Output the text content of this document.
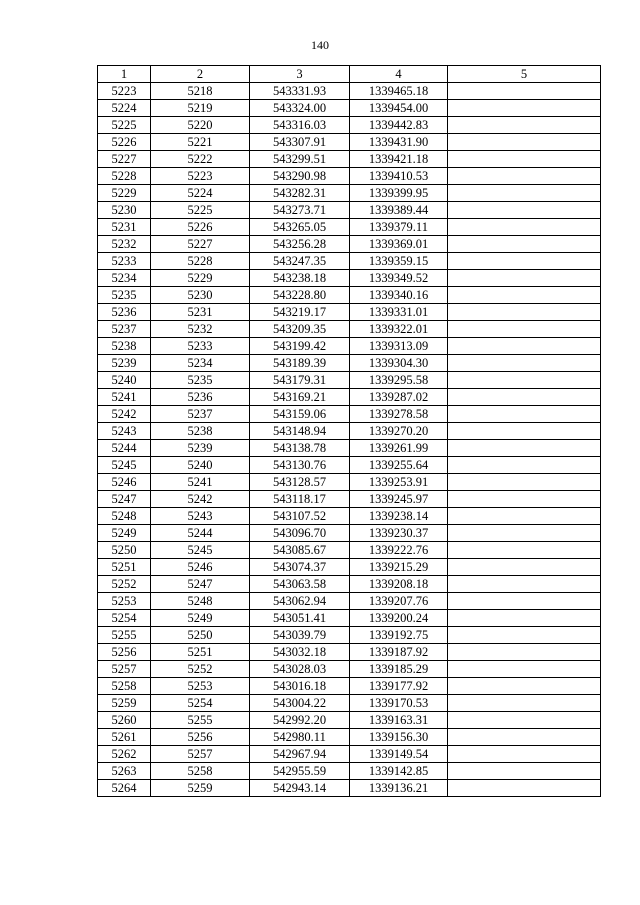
140
1	2	3	4	5
5223	5218	543331.93	1339465.18	
5224	5219	543324.00	1339454.00	
5225	5220	543316.03	1339442.83	
5226	5221	543307.91	1339431.90	
5227	5222	543299.51	1339421.18	
5228	5223	543290.98	1339410.53	
5229	5224	543282.31	1339399.95	
5230	5225	543273.71	1339389.44	
5231	5226	543265.05	1339379.11	
5232	5227	543256.28	1339369.01	
5233	5228	543247.35	1339359.15	
5234	5229	543238.18	1339349.52	
5235	5230	543228.80	1339340.16	
5236	5231	543219.17	1339331.01	
5237	5232	543209.35	1339322.01	
5238	5233	543199.42	1339313.09	
5239	5234	543189.39	1339304.30	
5240	5235	543179.31	1339295.58	
5241	5236	543169.21	1339287.02	
5242	5237	543159.06	1339278.58	
5243	5238	543148.94	1339270.20	
5244	5239	543138.78	1339261.99	
5245	5240	543130.76	1339255.64	
5246	5241	543128.57	1339253.91	
5247	5242	543118.17	1339245.97	
5248	5243	543107.52	1339238.14	
5249	5244	543096.70	1339230.37	
5250	5245	543085.67	1339222.76	
5251	5246	543074.37	1339215.29	
5252	5247	543063.58	1339208.18	
5253	5248	543062.94	1339207.76	
5254	5249	543051.41	1339200.24	
5255	5250	543039.79	1339192.75	
5256	5251	543032.18	1339187.92	
5257	5252	543028.03	1339185.29	
5258	5253	543016.18	1339177.92	
5259	5254	543004.22	1339170.53	
5260	5255	542992.20	1339163.31	
5261	5256	542980.11	1339156.30	
5262	5257	542967.94	1339149.54	
5263	5258	542955.59	1339142.85	
5264	5259	542943.14	1339136.21	
